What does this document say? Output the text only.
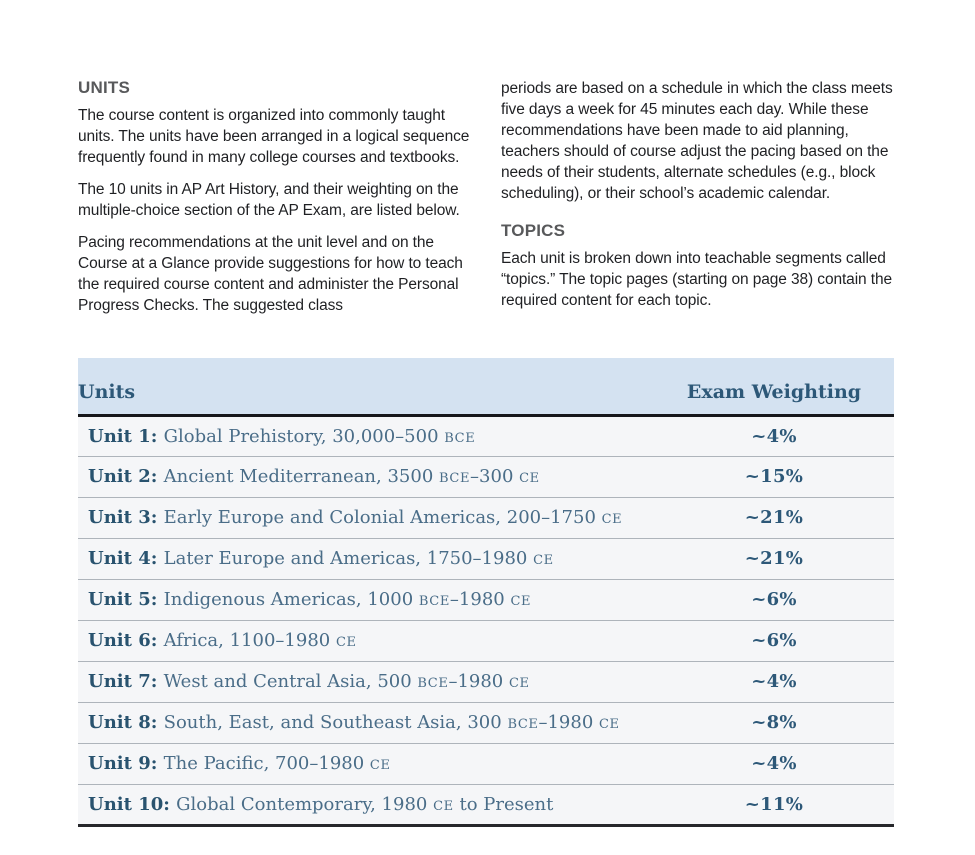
UNITS

The course content is organized into commonly taught units. The units have been arranged in a logical sequence frequently found in many college courses and textbooks.

The 10 units in AP Art History, and their weighting on the multiple-choice section of the AP Exam, are listed below.

Pacing recommendations at the unit level and on the Course at a Glance provide suggestions for how to teach the required course content and administer the Personal Progress Checks. The suggested class

periods are based on a schedule in which the class meets five days a week for 45 minutes each day. While these recommendations have been made to aid planning, teachers should of course adjust the pacing based on the needs of their students, alternate schedules (e.g., block scheduling), or their school’s academic calendar.

TOPICS

Each unit is broken down into teachable segments called “topics.” The topic pages (starting on page 38) contain the required content for each topic.

Units	Exam Weighting
Unit 1: Global Prehistory, 30,000–500 BCE	~4%
Unit 2: Ancient Mediterranean, 3500 BCE–300 CE	~15%
Unit 3: Early Europe and Colonial Americas, 200–1750 CE	~21%
Unit 4: Later Europe and Americas, 1750–1980 CE	~21%
Unit 5: Indigenous Americas, 1000 BCE–1980 CE	~6%
Unit 6: Africa, 1100–1980 CE	~6%
Unit 7: West and Central Asia, 500 BCE–1980 CE	~4%
Unit 8: South, East, and Southeast Asia, 300 BCE–1980 CE	~8%
Unit 9: The Pacific, 700–1980 CE	~4%
Unit 10: Global Contemporary, 1980 CE to Present	~11%
